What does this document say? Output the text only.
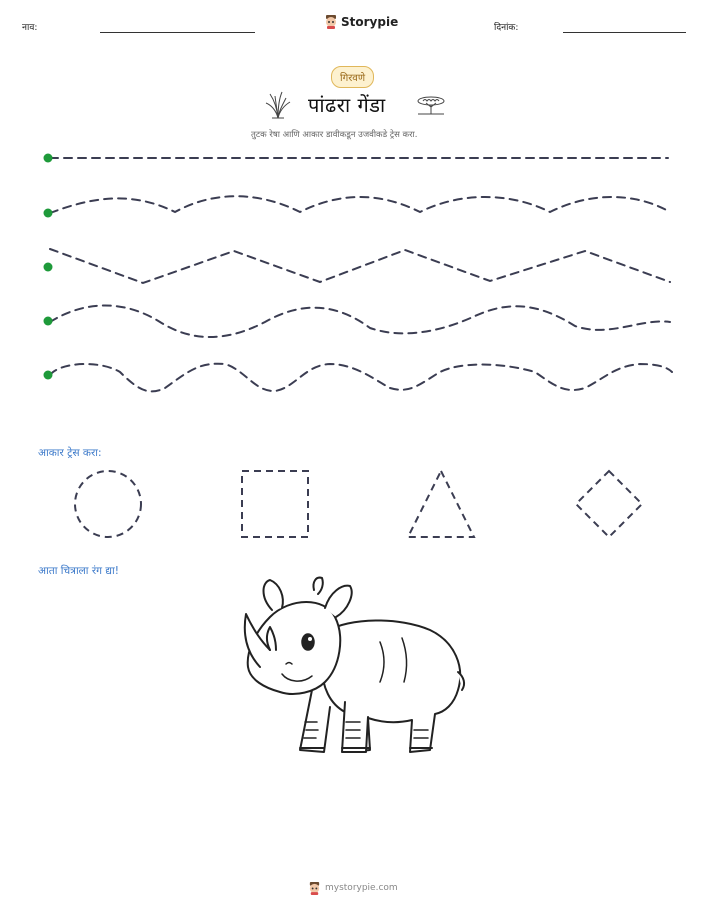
नाव:	Storypie	दिनांक:
गिरवणे
पांढरा गेंडा
तुटक रेषा आणि आकार डावीकडून उजवीकडे ट्रेस करा.
आकार ट्रेस करा:
आता चित्राला रंग द्या!
mystorypie.com
